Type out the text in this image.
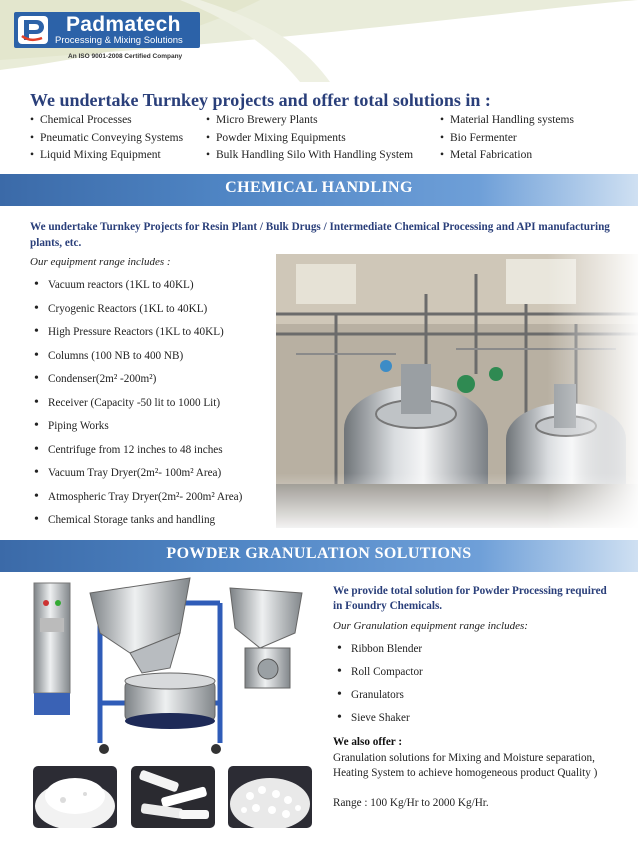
Padmatech
Processing & Mixing Solutions
An ISO 9001-2008 Certified Company
We undertake Turnkey projects and offer total solutions in :
• Chemical Processes
• Pneumatic Conveying Systems
• Liquid Mixing Equipment
• Micro Brewery Plants
• Powder Mixing Equipments
• Bulk Handling Silo With Handling System
• Material Handling systems
• Bio Fermenter
• Metal Fabrication
CHEMICAL HANDLING
We undertake Turnkey Projects for Resin Plant / Bulk Drugs / Intermediate Chemical Processing and API manufacturing plants, etc.
Our equipment range includes :
• Vacuum reactors (1KL to 40KL)
• Cryogenic Reactors (1KL to 40KL)
• High Pressure Reactors (1KL to 40KL)
• Columns (100 NB to 400 NB)
• Condenser(2m² -200m²)
• Receiver (Capacity -50 lit to 1000 Lit)
• Piping Works
• Centrifuge from 12 inches to 48 inches
• Vacuum Tray Dryer(2m²- 100m² Area)
• Atmospheric Tray Dryer(2m²- 200m² Area)
• Chemical Storage tanks and handling
POWDER GRANULATION SOLUTIONS
We provide total solution for Powder Processing required in Foundry Chemicals.
Our Granulation equipment range includes:
• Ribbon Blender
• Roll Compactor
• Granulators
• Sieve Shaker
We also offer :
Granulation solutions for Mixing and Moisture separation, Heating System to achieve homogeneous product Quality )
Range : 100 Kg/Hr to 2000 Kg/Hr.
